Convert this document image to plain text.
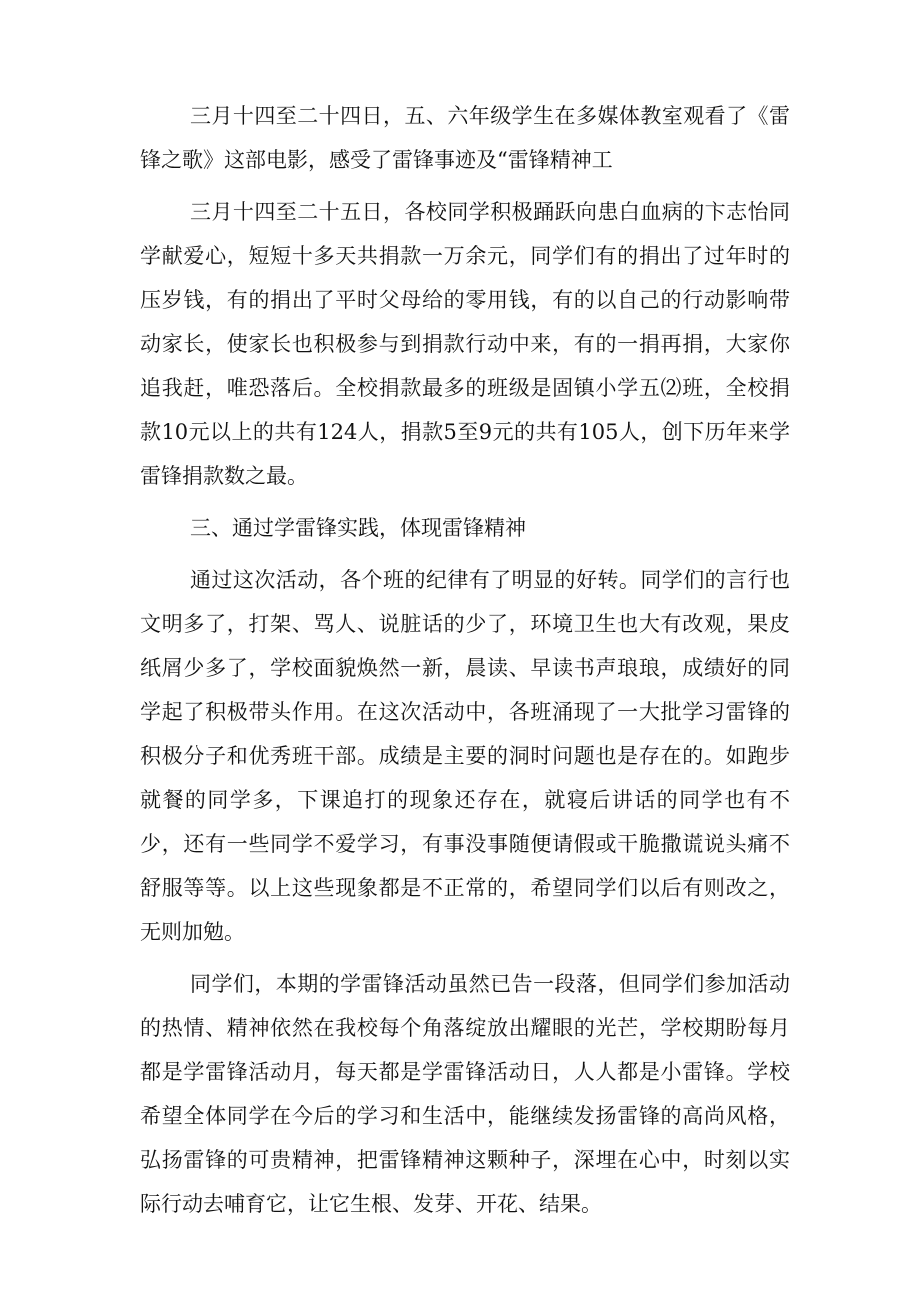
三月十四至二十四日，五、六年级学生在多媒体教室观看了《雷锋之歌》这部电影，感受了雷锋事迹及“雷锋精神工

三月十四至二十五日，各校同学积极踊跃向患白血病的卞志怡同学献爱心，短短十多天共捐款一万余元，同学们有的捐出了过年时的压岁钱，有的捐出了平时父母给的零用钱，有的以自己的行动影响带动家长，使家长也积极参与到捐款行动中来，有的一捐再捐，大家你追我赶，唯恐落后。全校捐款最多的班级是固镇小学五⑵班，全校捐款10元以上的共有124人，捐款5至9元的共有105人，创下历年来学雷锋捐款数之最。

三、通过学雷锋实践，体现雷锋精神

通过这次活动，各个班的纪律有了明显的好转。同学们的言行也文明多了，打架、骂人、说脏话的少了，环境卫生也大有改观，果皮纸屑少多了，学校面貌焕然一新，晨读、早读书声琅琅，成绩好的同学起了积极带头作用。在这次活动中，各班涌现了一大批学习雷锋的积极分子和优秀班干部。成绩是主要的洞时问题也是存在的。如跑步就餐的同学多，下课追打的现象还存在，就寝后讲话的同学也有不少，还有一些同学不爱学习，有事没事随便请假或干脆撒谎说头痛不舒服等等。以上这些现象都是不正常的，希望同学们以后有则改之，无则加勉。

同学们，本期的学雷锋活动虽然已告一段落，但同学们参加活动的热情、精神依然在我校每个角落绽放出耀眼的光芒，学校期盼每月都是学雷锋活动月，每天都是学雷锋活动日，人人都是小雷锋。学校希望全体同学在今后的学习和生活中，能继续发扬雷锋的高尚风格，弘扬雷锋的可贵精神，把雷锋精神这颗种子，深埋在心中，时刻以实际行动去哺育它，让它生根、发芽、开花、结果。
